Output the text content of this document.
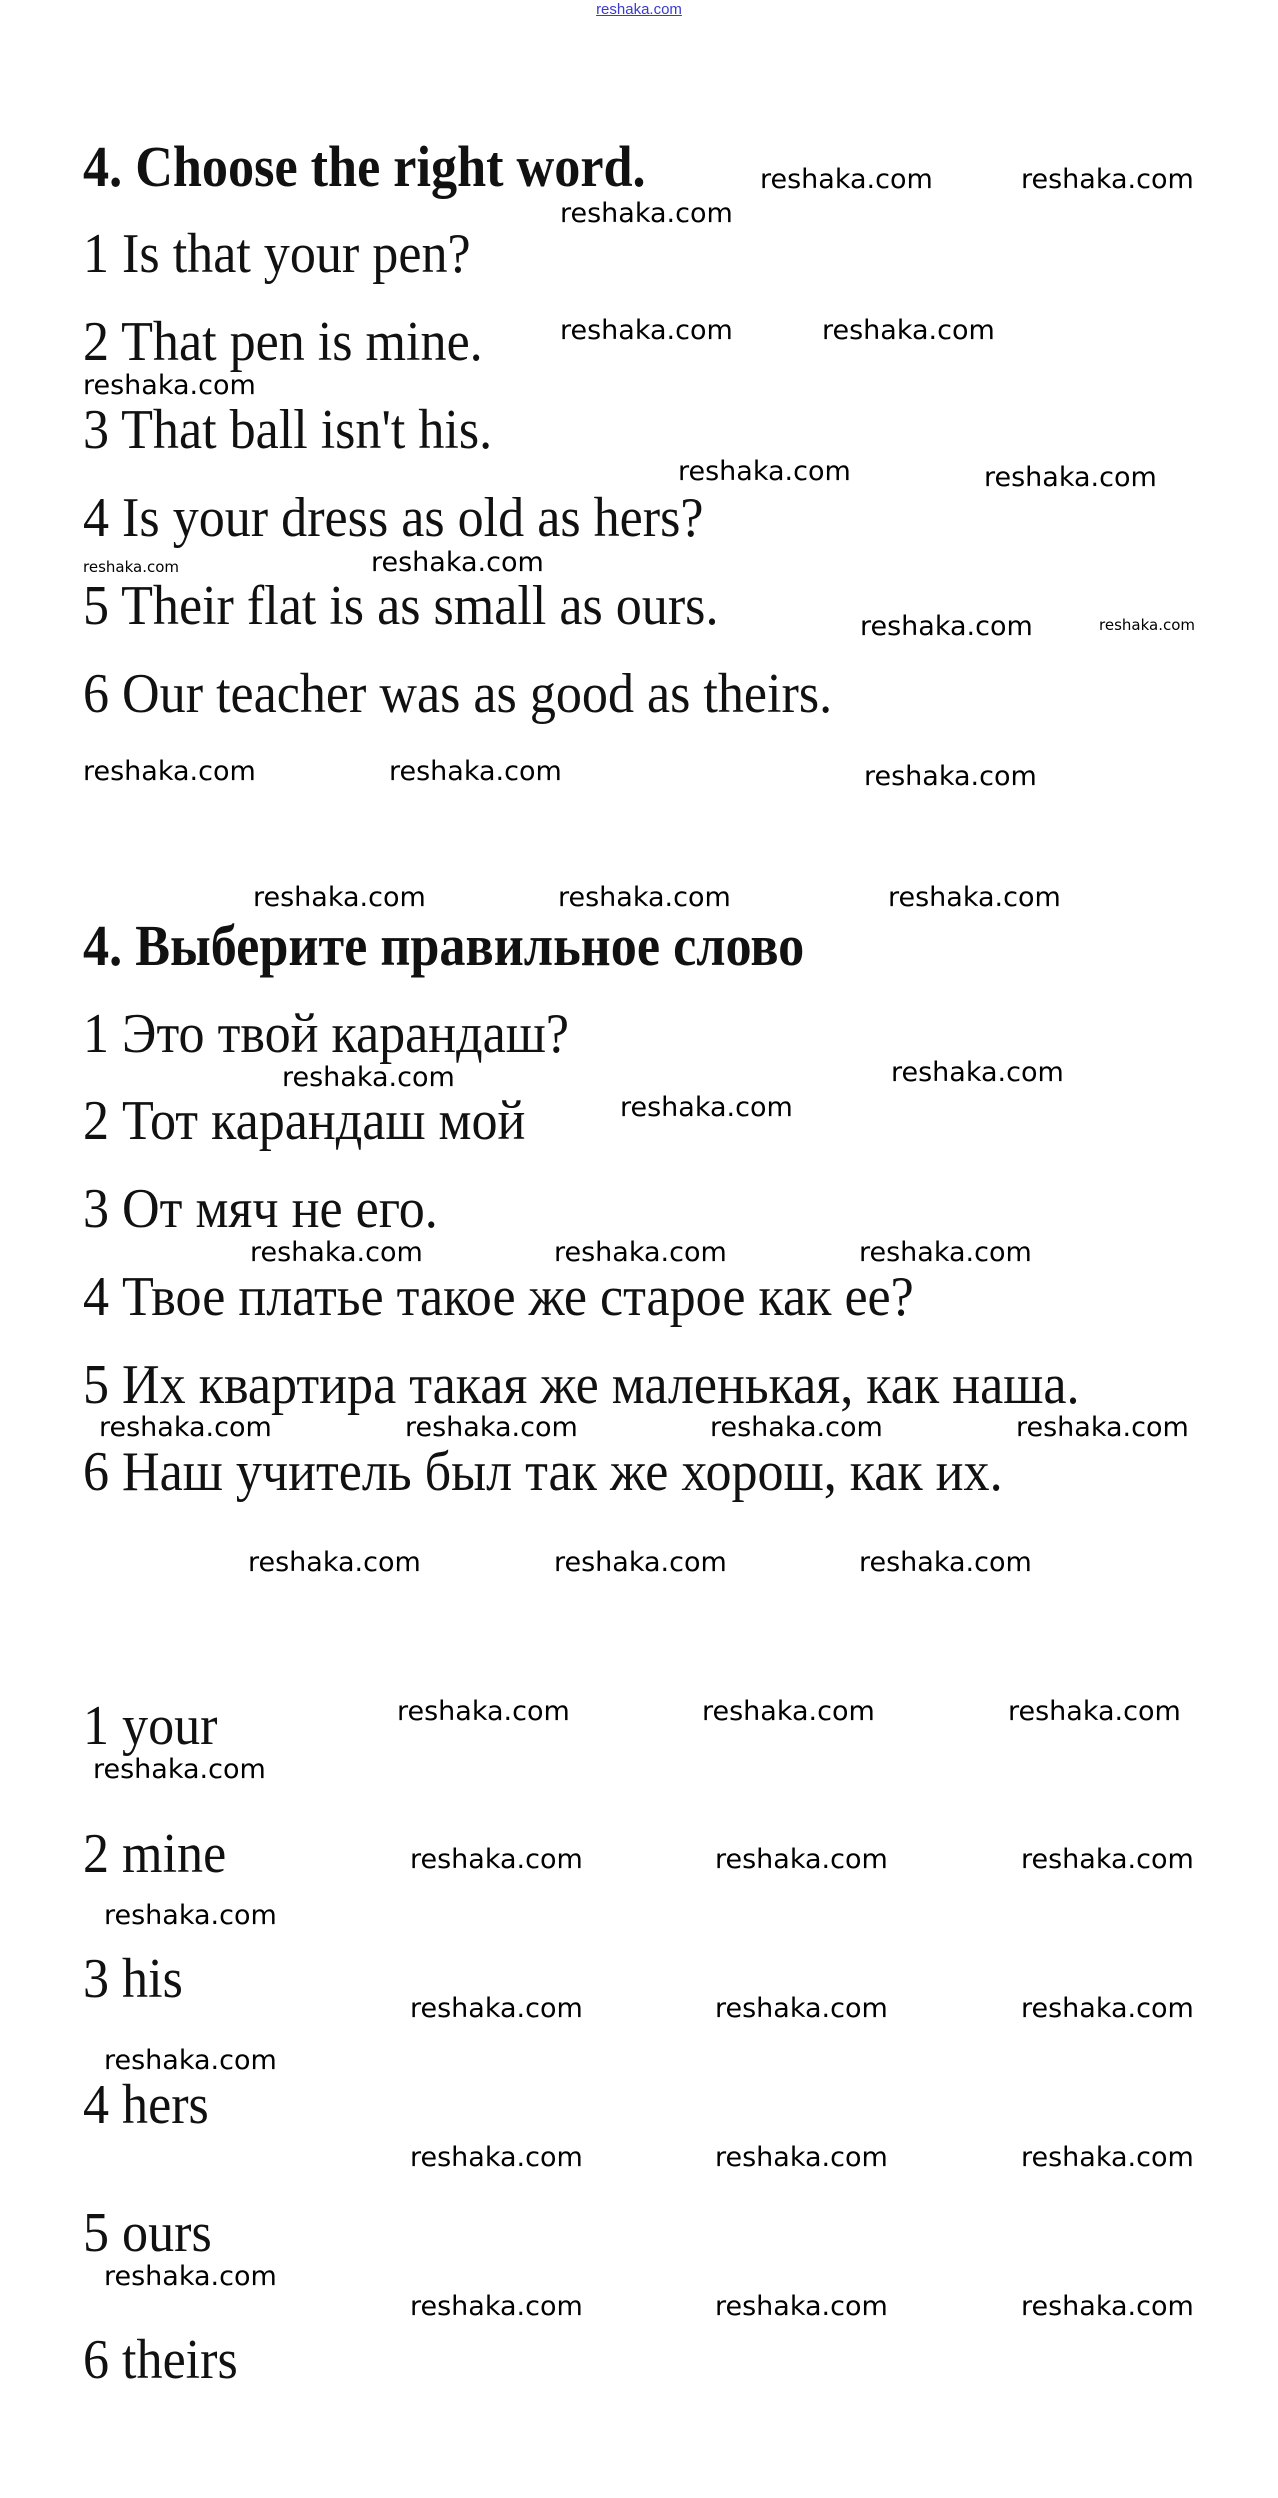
reshaka.com
4. Choose the right word.
1 Is that your pen?
2 That pen is mine.
3 That ball isn't his.
4 Is your dress as old as hers?
5 Their flat is as small as ours.
6 Our teacher was as good as theirs.
4. Выберите правильное слово
1 Это твой карандаш?
2 Тот карандаш мой
3 От мяч не его.
4 Твое платье такое же старое как ее?
5 Их квартира такая же маленькая, как наша.
6 Наш учитель был так же хорош, как их.
1 your
2 mine
3 his
4 hers
5 ours
6 theirs
reshaka.com	reshaka.com
reshaka.com
reshaka.com	reshaka.com
reshaka.com
reshaka.com	reshaka.com
reshaka.com	reshaka.com
reshaka.com	reshaka.com
reshaka.com	reshaka.com	reshaka.com
reshaka.com	reshaka.com	reshaka.com
reshaka.com
reshaka.com
reshaka.com
reshaka.com	reshaka.com	reshaka.com
reshaka.com	reshaka.com	reshaka.com	reshaka.com
reshaka.com	reshaka.com	reshaka.com
reshaka.com	reshaka.com	reshaka.com
reshaka.com
reshaka.com	reshaka.com	reshaka.com
reshaka.com
reshaka.com	reshaka.com	reshaka.com
reshaka.com
reshaka.com	reshaka.com	reshaka.com
reshaka.com
reshaka.com	reshaka.com	reshaka.com
